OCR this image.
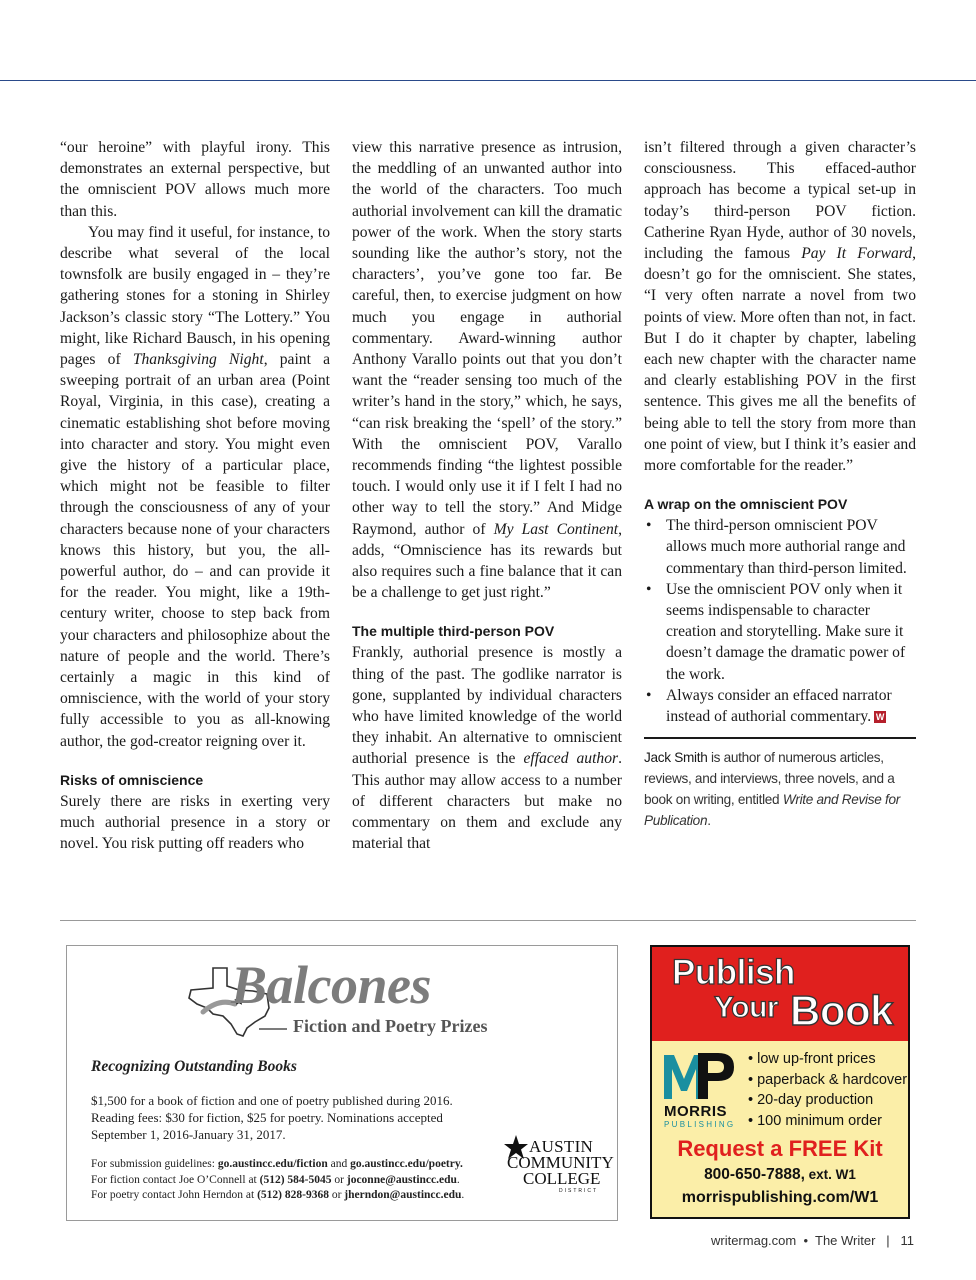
“our heroine” with playful irony. This demonstrates an external perspective, but the omniscient POV allows much more than this.

You may find it useful, for instance, to describe what several of the local townsfolk are busily engaged in – they’re gathering stones for a stoning in Shirley Jackson’s classic story “The Lottery.” You might, like Richard Bausch, in his opening pages of Thanksgiving Night, paint a sweeping portrait of an urban area (Point Royal, Virginia, in this case), creating a cinematic establishing shot before moving into character and story. You might even give the history of a particular place, which might not be feasible to filter through the consciousness of any of your characters because none of your characters knows this history, but you, the all-powerful author, do – and can provide it for the reader. You might, like a 19th-century writer, choose to step back from your characters and philosophize about the nature of people and the world. There’s certainly a magic in this kind of omniscience, with the world of your story fully accessible to you as all-knowing author, the god-creator reigning over it.

Risks of omniscience

Surely there are risks in exerting very much authorial presence in a story or novel. You risk putting off readers who

view this narrative presence as intrusion, the meddling of an unwanted author into the world of the characters. Too much authorial involvement can kill the dramatic power of the work. When the story starts sounding like the author’s story, not the characters’, you’ve gone too far. Be careful, then, to exercise judgment on how much you engage in authorial commentary. Award-winning author Anthony Varallo points out that you don’t want the “reader sensing too much of the writer’s hand in the story,” which, he says, “can risk breaking the ‘spell’ of the story.” With the omniscient POV, Varallo recommends finding “the lightest possible touch. I would only use it if I felt I had no other way to tell the story.” And Midge Raymond, author of My Last Continent, adds, “Omniscience has its rewards but also requires such a fine balance that it can be a challenge to get just right.”

The multiple third-person POV

Frankly, authorial presence is mostly a thing of the past. The godlike narrator is gone, supplanted by individual characters who have limited knowledge of the world they inhabit. An alternative to omniscient authorial presence is the effaced author. This author may allow access to a number of different characters but make no commentary on them and exclude any material that

isn’t filtered through a given character’s consciousness. This effaced-author approach has become a typical set-up in today’s third-person POV fiction. Catherine Ryan Hyde, author of 30 novels, including the famous Pay It Forward, doesn’t go for the omniscient. She states, “I very often narrate a novel from two points of view. More often than not, in fact. But I do it chapter by chapter, labeling each new chapter with the character name and clearly establishing POV in the first sentence. This gives me all the benefits of being able to tell the story from more than one point of view, but I think it’s easier and more comfortable for the reader.”

A wrap on the omniscient POV
• The third-person omniscient POV allows much more authorial range and commentary than third-person limited.
• Use the omniscient POV only when it seems indispensable to character creation and storytelling. Make sure it doesn’t damage the dramatic power of the work.
• Always consider an effaced narrator instead of authorial commentary. W
Jack Smith is author of numerous articles, reviews, and interviews, three novels, and a book on writing, entitled Write and Revise for Publication.
Balcones
Fiction and Poetry Prizes
Recognizing Outstanding Books
$1,500 for a book of fiction and one of poetry published during 2016. Reading fees: $30 for fiction, $25 for poetry. Nominations accepted September 1, 2016-January 31, 2017.
For submission guidelines: go.austincc.edu/fiction and go.austincc.edu/poetry.
For fiction contact Joe O’Connell at (512) 584-5045 or joconne@austincc.edu.
For poetry contact John Herndon at (512) 828-9368 or jherndon@austincc.edu.
AUSTIN
COMMUNITY
COLLEGE
DISTRICT
Publish
Your Book
MORRIS
PUBLISHING
• low up-front prices
• paperback & hardcover
• 20-day production
• 100 minimum order
Request a FREE Kit
800-650-7888, ext. W1
morrispublishing.com/W1
writermag.com  •  The Writer   |   11
